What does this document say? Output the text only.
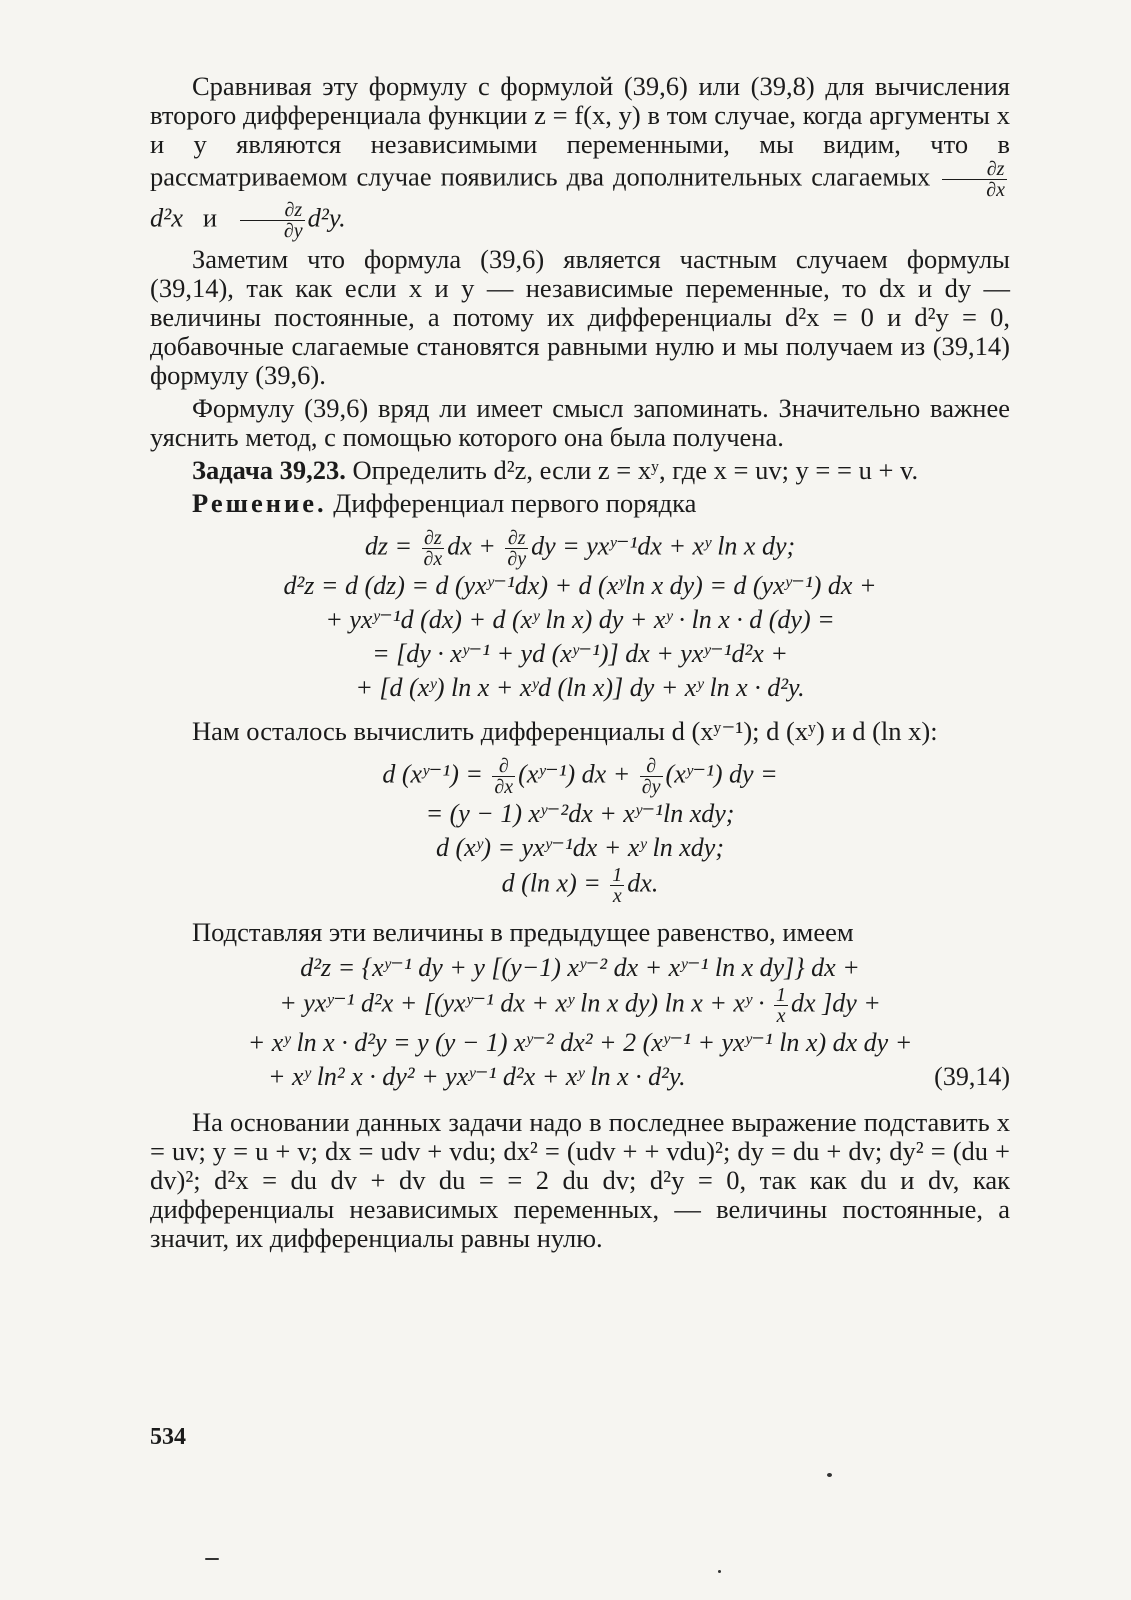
Сравнивая эту формулу с формулой (39,6) или (39,8) для вычисления второго дифференциала функции z = f(x, y) в том случае, когда аргументы x и y являются независимыми переменными, мы видим, что в рассматриваемом случае появились два дополнительных слагаемых $\frac{\partial z}{\partial x}$
d²x и $\frac{\partial z}{\partial y} d^2y$.

Заметим что формула (39,6) является частным случаем формулы (39,14), так как если x и y — независимые переменные, то dx и dy — величины постоянные, а потому их дифференциалы d²x = 0 и d²y = 0, добавочные слагаемые становятся равными нулю и мы получаем из (39,14) формулу (39,6).

Формулу (39,6) вряд ли имеет смысл запоминать. Значительно важнее уяснить метод, с помощью которого она была получена.

Задача 39,23. Определить d²z, если z = xʸ, где x = uv; y = = u + v.

Решение. Дифференциал первого порядка

dz = $\frac{\partial z}{\partial x}$ dx + $\frac{\partial z}{\partial y}$ dy = yxʸ⁻¹dx + xʸ ln x dy;

d²z = d (dz) = d (yxʸ⁻¹dx) + d (xʸln x dy) = d (yxʸ⁻¹) dx +

+ yxʸ⁻¹d (dx) + d (xʸ ln x) dy + xʸ · ln x · d (dy) =

= [dy · xʸ⁻¹ + yd (xʸ⁻¹)] dx + yxʸ⁻¹d²x +

+ [d (xʸ) ln x + xʸd (ln x)] dy + xʸ ln x · d²y.

Нам осталось вычислить дифференциалы d (xʸ⁻¹); d (xʸ) и d (ln x):

d (xʸ⁻¹) = $\frac{\partial}{\partial x}$ (xʸ⁻¹) dx + $\frac{\partial}{\partial y}$ (xʸ⁻¹) dy =

= (y − 1) xʸ⁻²dx + xʸ⁻¹ln xdy;

d (xʸ) = yxʸ⁻¹dx + xʸ ln xdy;

d (ln $x) = \frac{1}{x}$ dx.

Подставляя эти величины в предыдущее равенство, имеем

d²z = {xʸ⁻¹ dy + y [(y−1) xʸ⁻² dx + xʸ⁻¹ ln x dy]} dx +

+ yxʸ⁻¹ d²x + [(yxʸ⁻¹ dx + xʸ ln x dy) ln x + xʸ · $\frac{1}{x}$ dx ]dy +

+ xʸ ln x · d²y = y (y − 1) xʸ⁻² dx² + 2 (xʸ⁻¹ + yxʸ⁻¹ ln x) dx dy +

+ xʸ ln² x · dy² + yxʸ⁻¹ d²x + xʸ ln x · d²y.	(39,14)

На основании данных задачи надо в последнее выражение подставить x = uv; y = u + v; dx = udv + vdu; dx² = (udv + + vdu)²; dy = du + dv; dy² = (du + dv)²; d²x = du dv + dv du = = 2 du dv; d²y = 0, так как du и dv, как дифференциалы независимых переменных, — величины постоянные, а значит, их дифференциалы равны нулю.

534
